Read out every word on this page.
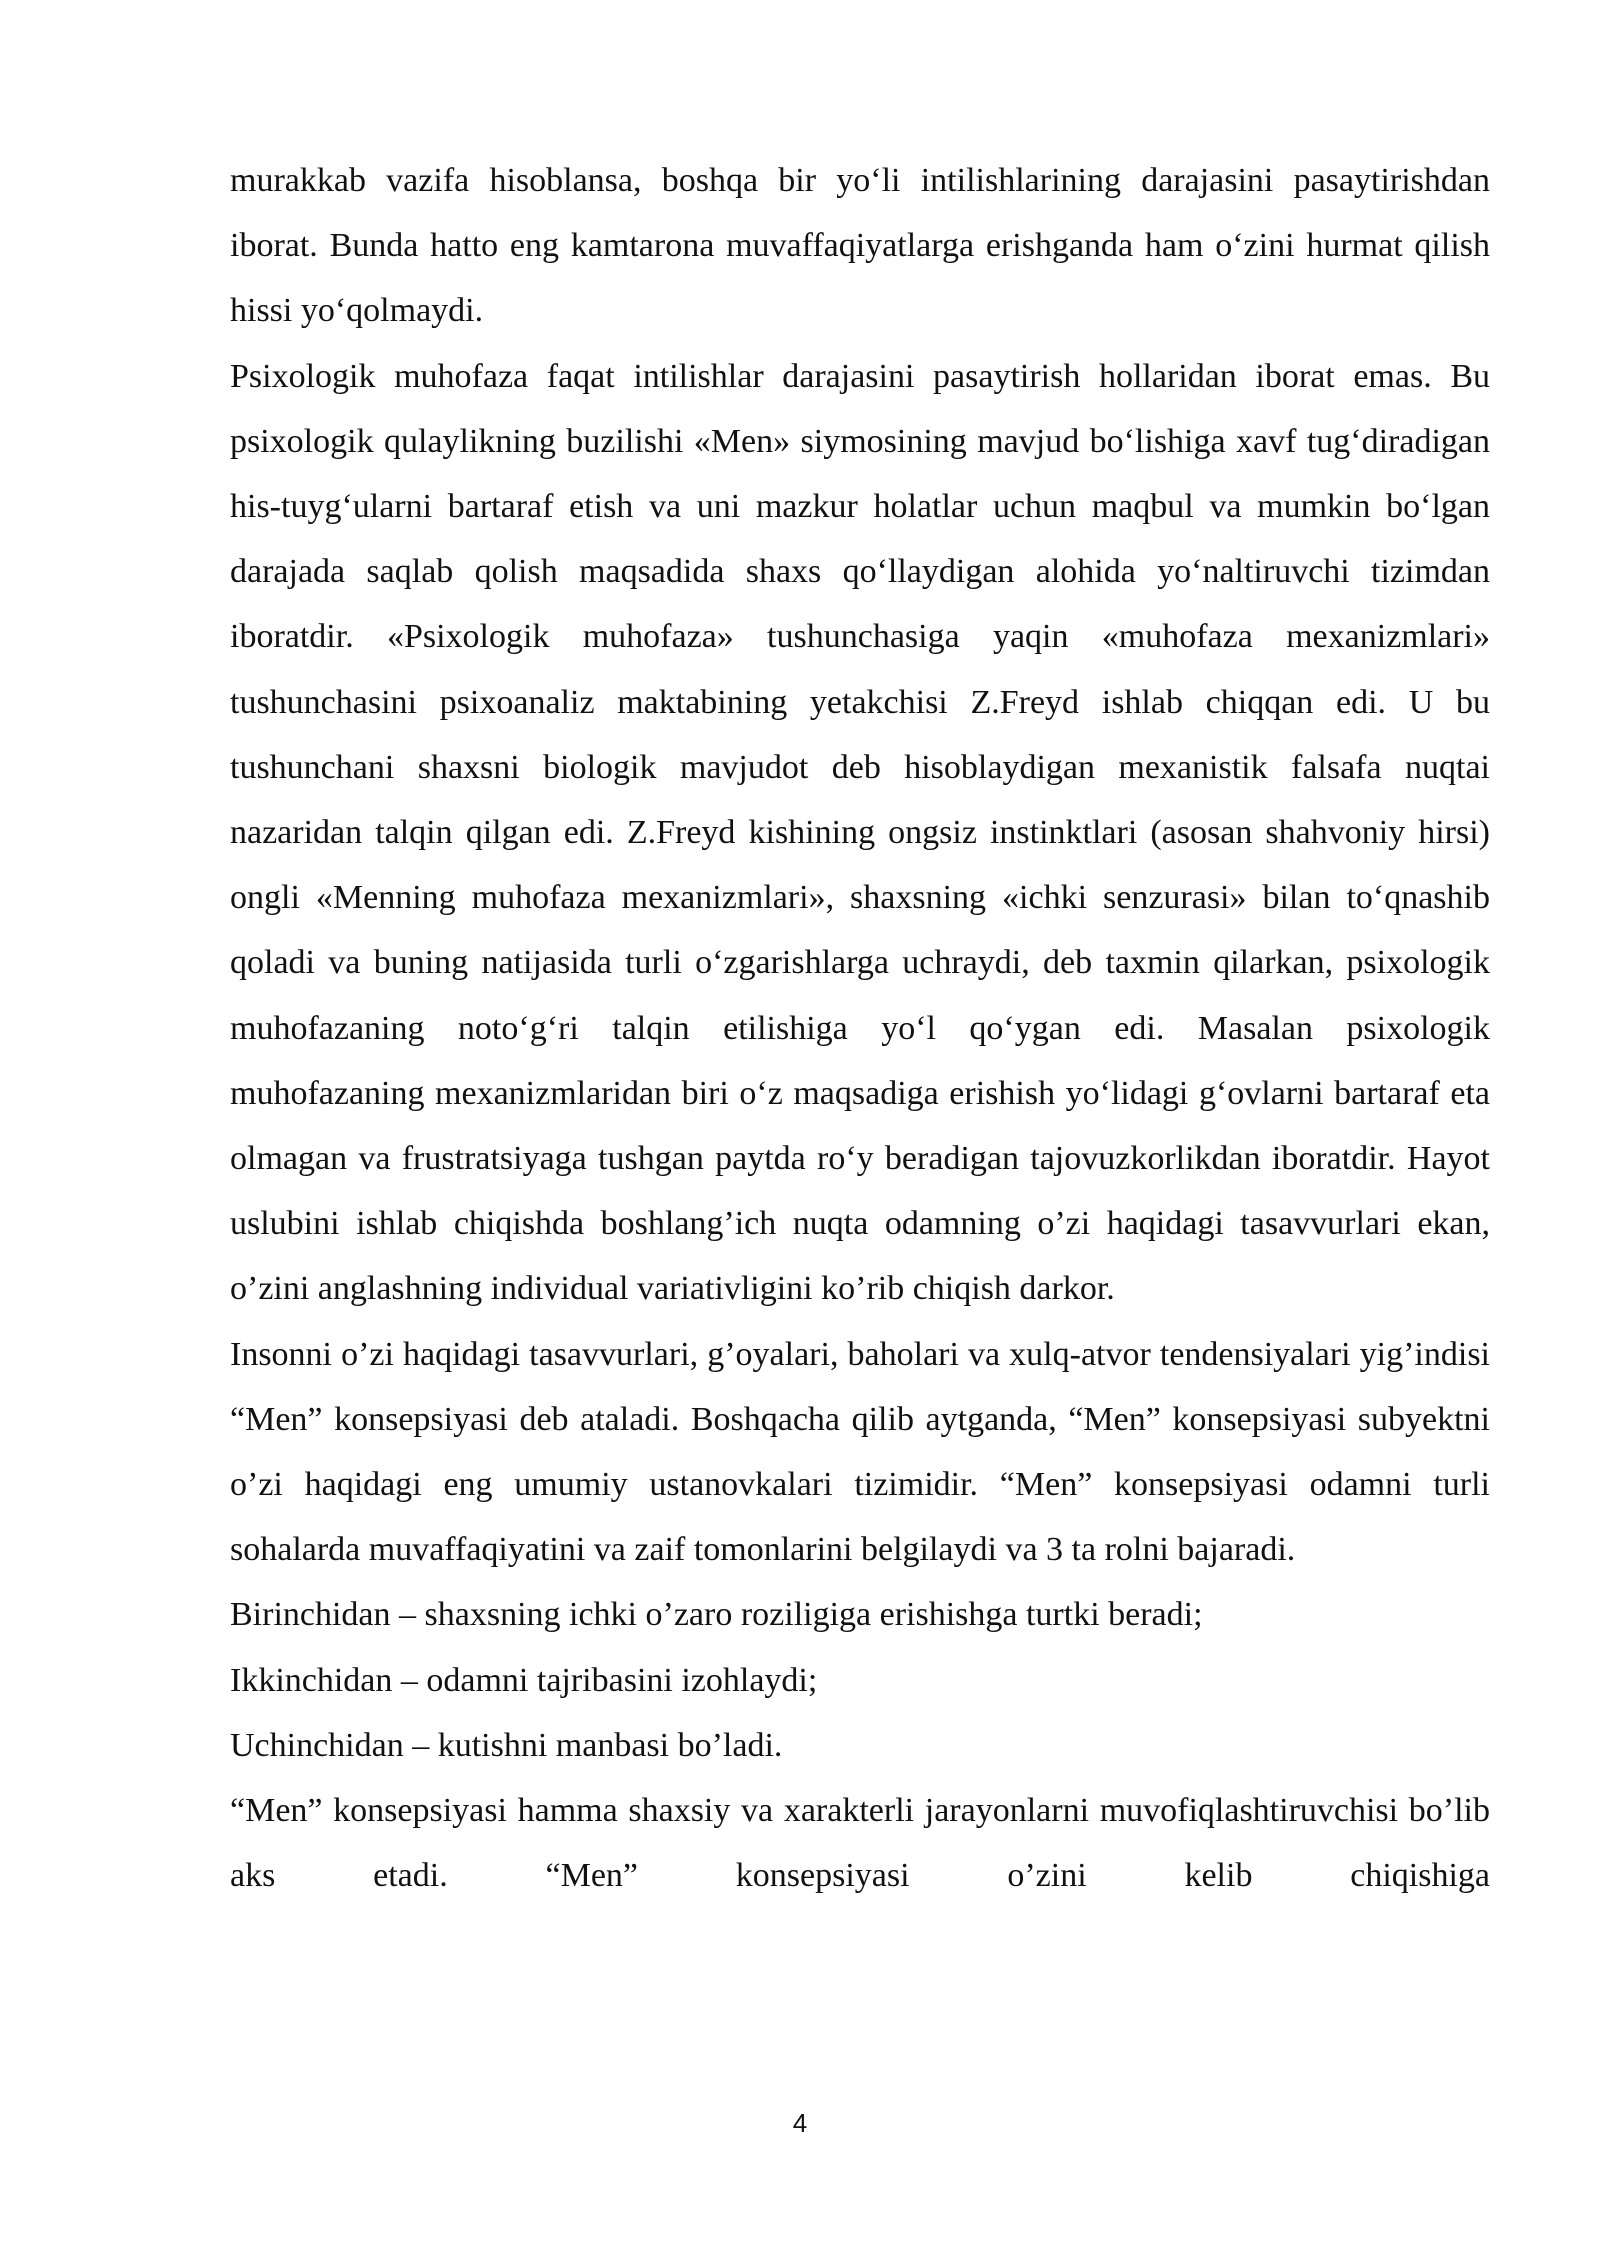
murakkab vazifa hisoblansa, boshqa bir yo‘li intilishlarining darajasini pasaytirishdan iborat. Bunda hatto eng kamtarona muvaffaqiyatlarga erishganda ham o‘zini hurmat qilish hissi yo‘qolmaydi.

Psixologik muhofaza faqat intilishlar darajasini pasaytirish hollaridan iborat emas. Bu psixologik qulaylikning buzilishi «Men» siymosining mavjud bo‘lishiga xavf tug‘diradigan his-tuyg‘ularni bartaraf etish va uni mazkur holatlar uchun maqbul va mumkin bo‘lgan darajada saqlab qolish maqsadida shaxs qo‘llaydigan alohida yo‘naltiruvchi tizimdan iboratdir. «Psixologik muhofaza» tushunchasiga yaqin «muhofaza mexanizmlari» tushunchasini psixoanaliz maktabining yetakchisi Z.Freyd ishlab chiqqan edi. U bu tushunchani shaxsni biologik mavjudot deb hisoblaydigan mexanistik falsafa nuqtai nazaridan talqin qilgan edi. Z.Freyd kishining ongsiz instinktlari (asosan shahvoniy hirsi) ongli «Menning muhofaza mexanizmlari», shaxsning «ichki senzurasi» bilan to‘qnashib qoladi va buning natijasida turli o‘zgarishlarga uchraydi, deb taxmin qilarkan, psixologik muhofazaning noto‘g‘ri talqin etilishiga yo‘l qo‘ygan edi. Masalan psixologik muhofazaning mexanizmlaridan biri o‘z maqsadiga erishish yo‘lidagi g‘ovlarni bartaraf eta olmagan va frustratsiyaga tushgan paytda ro‘y beradigan tajovuzkorlikdan iboratdir. Hayot uslubini ishlab chiqishda boshlang’ich nuqta odamning o’zi haqidagi tasavvurlari ekan, o’zini anglashning individual variativligini ko’rib chiqish darkor.

Insonni o’zi haqidagi tasavvurlari, g’oyalari, baholari va xulq-atvor tendensiyalari yig’indisi “Men” konsepsiyasi deb ataladi. Boshqacha qilib aytganda, “Men” konsepsiyasi subyektni o’zi haqidagi eng umumiy ustanovkalari tizimidir. “Men” konsepsiyasi odamni turli sohalarda muvaffaqiyatini va zaif tomonlarini belgilaydi va 3 ta rolni bajaradi.

Birinchidan – shaxsning ichki o’zaro roziligiga erishishga turtki beradi;

Ikkinchidan – odamni tajribasini izohlaydi;

Uchinchidan – kutishni manbasi bo’ladi.

“Men” konsepsiyasi hamma shaxsiy va xarakterli jarayonlarni muvofiqlashtiruvchisi bo’lib aks etadi. “Men” konsepsiyasi o’zini kelib chiqishiga

4
